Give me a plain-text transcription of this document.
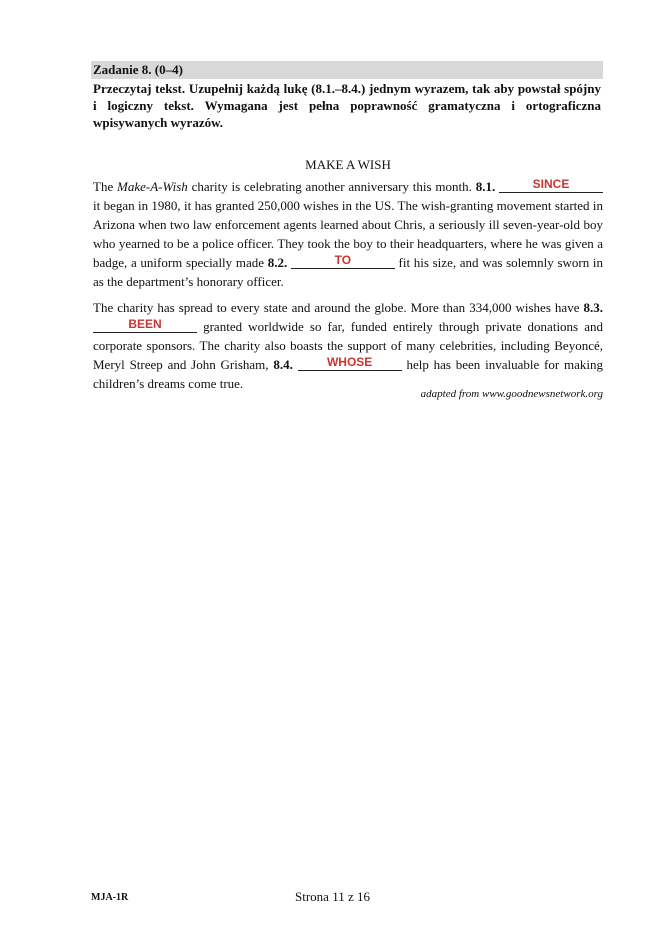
Zadanie 8. (0–4)
Przeczytaj tekst. Uzupełnij każdą lukę (8.1.–8.4.) jednym wyrazem, tak aby powstał spójny i logiczny tekst. Wymagana jest pełna poprawność gramatyczna i ortograficzna wpisywanych wyrazów.
MAKE A WISH

The Make-A-Wish charity is celebrating another anniversary this month. 8.1.	SINCE
it began in 1980, it has granted 250,000 wishes in the US. The wish-granting movement started in Arizona when two law enforcement agents learned about Chris, a seriously ill seven-year-old boy who yearned to be a police officer. They took the boy to their headquarters, where he was given a badge, a uniform specially made 8.2.	TO	fit his size, and was solemnly sworn in as the department’s honorary officer.

The charity has spread to every state and around the globe. More than 334,000 wishes have 8.3.
BEEN	granted worldwide so far, funded entirely through private donations and corporate sponsors. The charity also boasts the support of many celebrities, including Beyoncé, Meryl Streep and John Grisham, 8.4.	WHOSE	help has been invaluable for making children’s dreams come true.

adapted from www.goodnewsnetwork.org
MJA-1R	Strona 11 z 16
